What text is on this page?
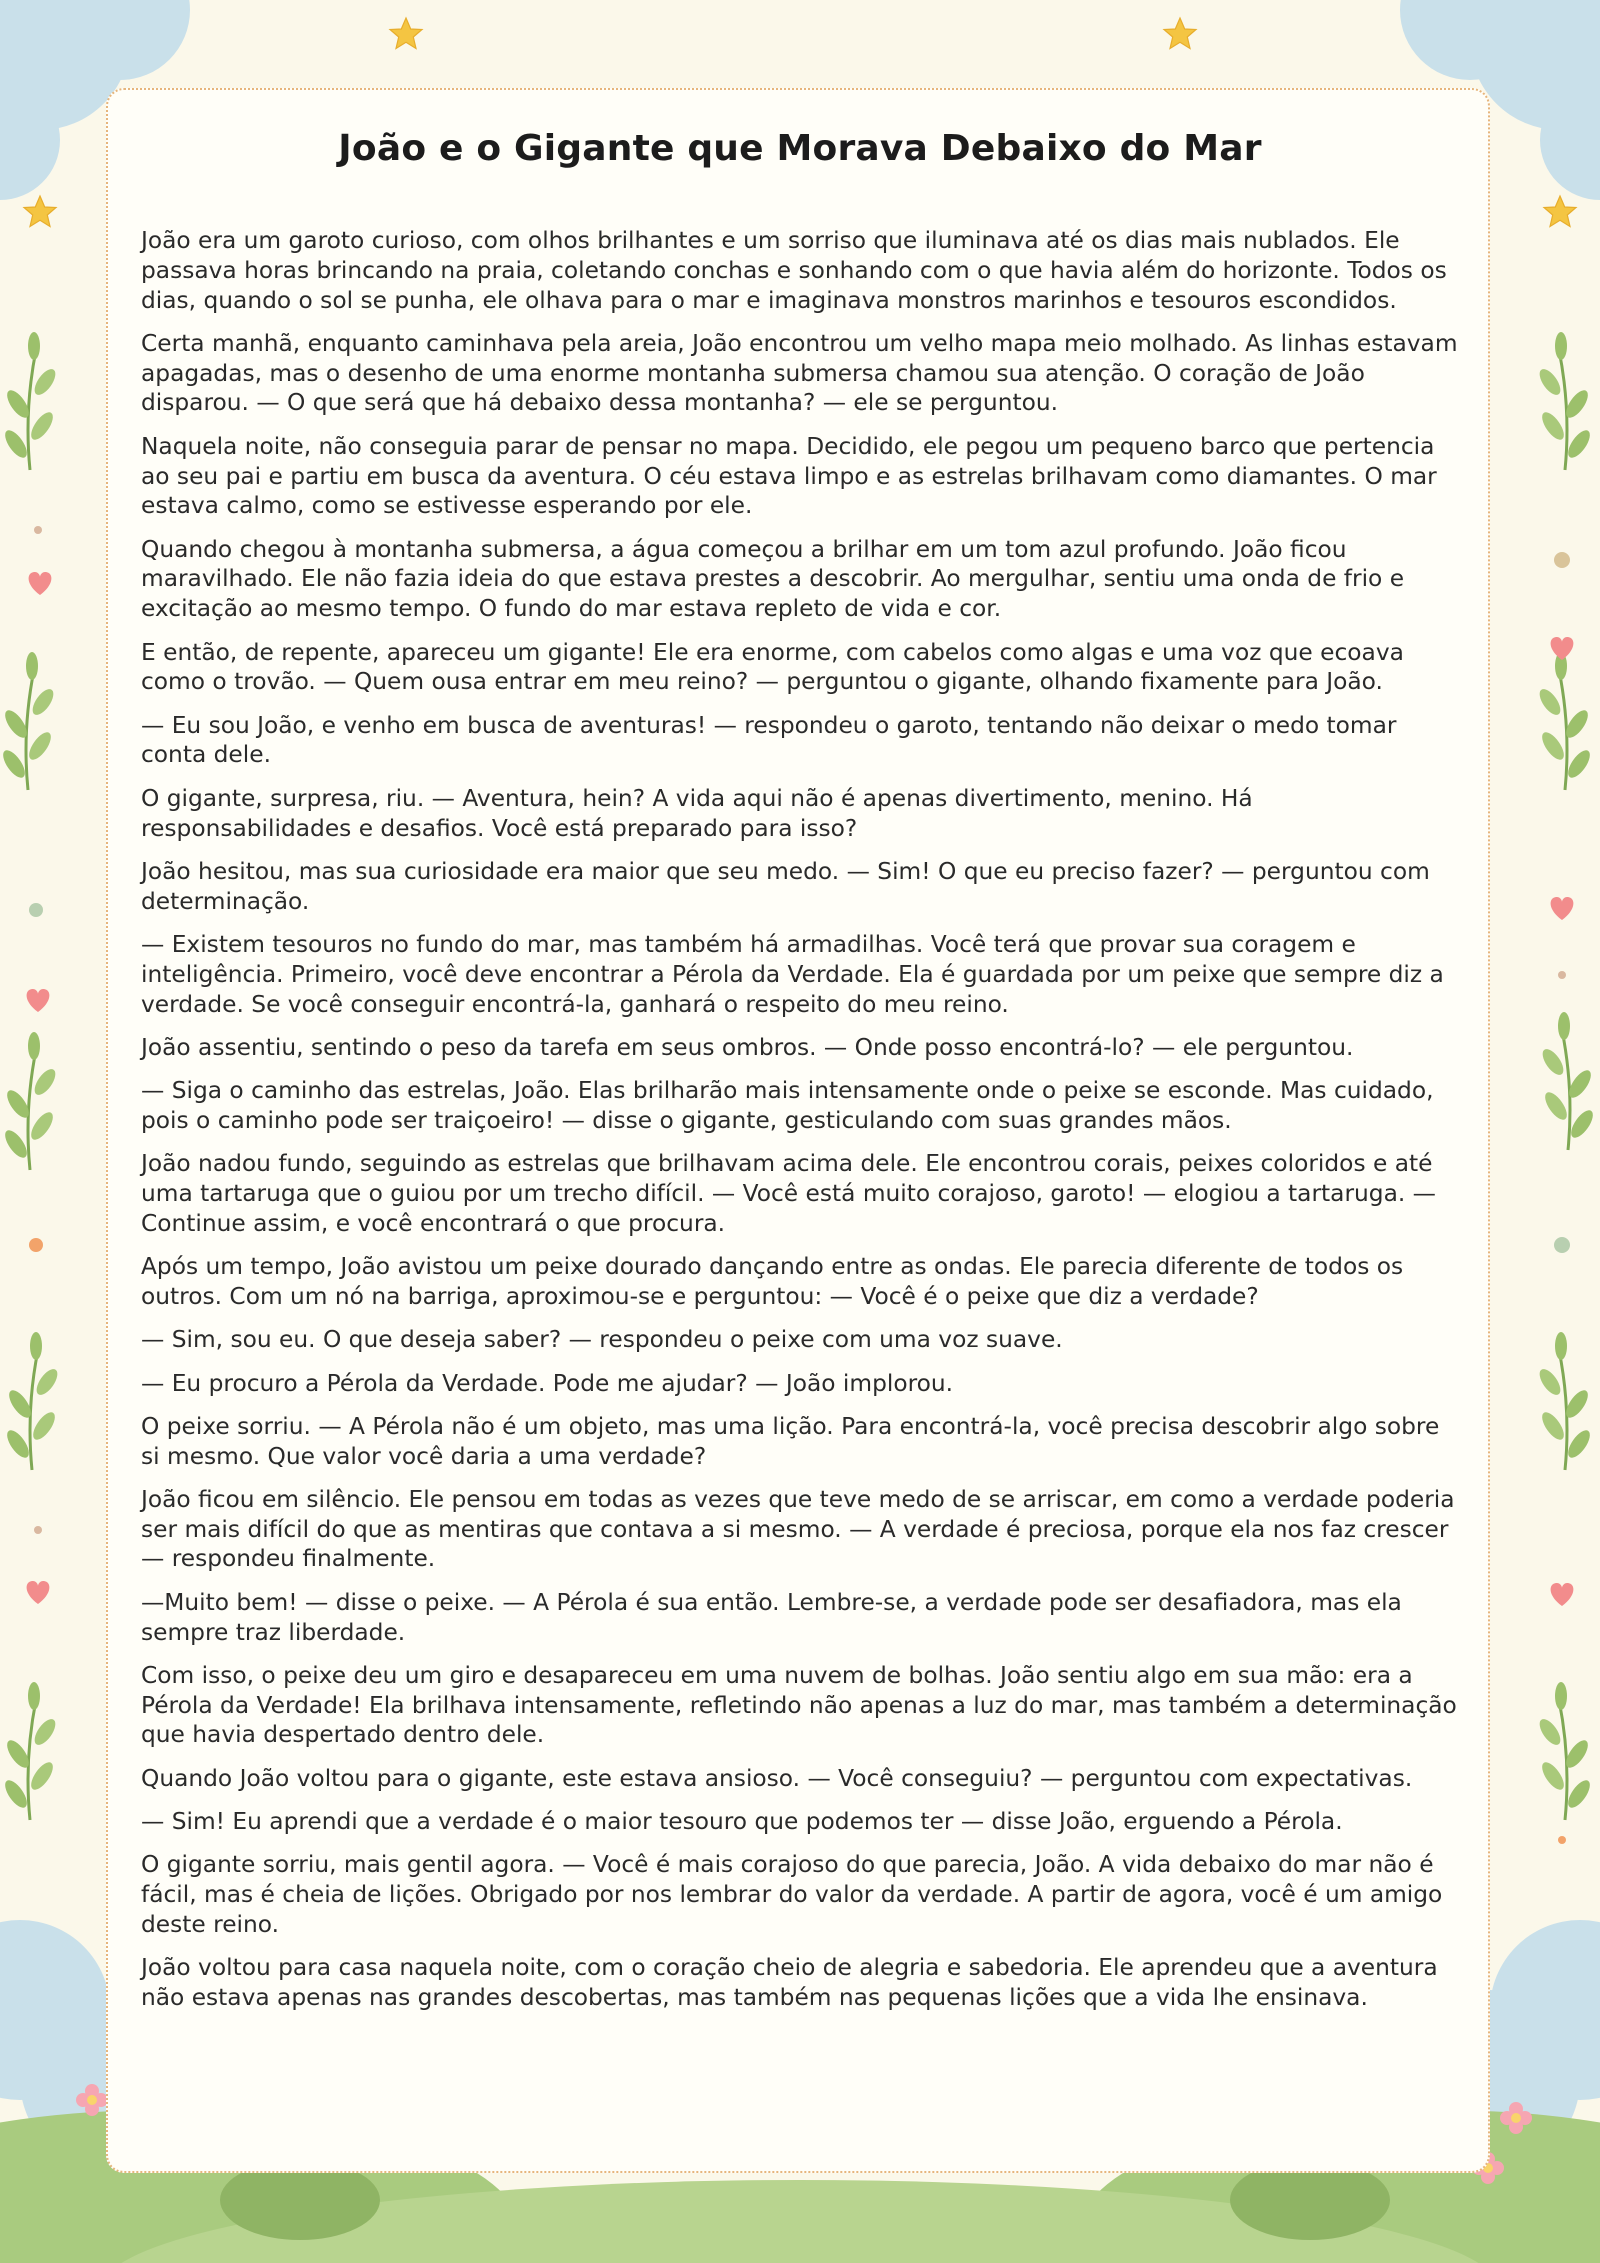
João e o Gigante que Morava Debaixo do Mar

João era um garoto curioso, com olhos brilhantes e um sorriso que iluminava até os dias mais nublados. Ele passava horas brincando na praia, coletando conchas e sonhando com o que havia além do horizonte. Todos os dias, quando o sol se punha, ele olhava para o mar e imaginava monstros marinhos e tesouros escondidos.

Certa manhã, enquanto caminhava pela areia, João encontrou um velho mapa meio molhado. As linhas estavam apagadas, mas o desenho de uma enorme montanha submersa chamou sua atenção. O coração de João disparou. — O que será que há debaixo dessa montanha? — ele se perguntou.

Naquela noite, não conseguia parar de pensar no mapa. Decidido, ele pegou um pequeno barco que pertencia ao seu pai e partiu em busca da aventura. O céu estava limpo e as estrelas brilhavam como diamantes. O mar estava calmo, como se estivesse esperando por ele.

Quando chegou à montanha submersa, a água começou a brilhar em um tom azul profundo. João ficou maravilhado. Ele não fazia ideia do que estava prestes a descobrir. Ao mergulhar, sentiu uma onda de frio e excitação ao mesmo tempo. O fundo do mar estava repleto de vida e cor.

E então, de repente, apareceu um gigante! Ele era enorme, com cabelos como algas e uma voz que ecoava como o trovão. — Quem ousa entrar em meu reino? — perguntou o gigante, olhando fixamente para João.

— Eu sou João, e venho em busca de aventuras! — respondeu o garoto, tentando não deixar o medo tomar conta dele.

O gigante, surpresa, riu. — Aventura, hein? A vida aqui não é apenas divertimento, menino. Há responsabilidades e desafios. Você está preparado para isso?

João hesitou, mas sua curiosidade era maior que seu medo. — Sim! O que eu preciso fazer? — perguntou com determinação.

— Existem tesouros no fundo do mar, mas também há armadilhas. Você terá que provar sua coragem e inteligência. Primeiro, você deve encontrar a Pérola da Verdade. Ela é guardada por um peixe que sempre diz a verdade. Se você conseguir encontrá-la, ganhará o respeito do meu reino.

João assentiu, sentindo o peso da tarefa em seus ombros. — Onde posso encontrá-lo? — ele perguntou.

— Siga o caminho das estrelas, João. Elas brilharão mais intensamente onde o peixe se esconde. Mas cuidado, pois o caminho pode ser traiçoeiro! — disse o gigante, gesticulando com suas grandes mãos.

João nadou fundo, seguindo as estrelas que brilhavam acima dele. Ele encontrou corais, peixes coloridos e até uma tartaruga que o guiou por um trecho difícil. — Você está muito corajoso, garoto! — elogiou a tartaruga. — Continue assim, e você encontrará o que procura.

Após um tempo, João avistou um peixe dourado dançando entre as ondas. Ele parecia diferente de todos os outros. Com um nó na barriga, aproximou-se e perguntou: — Você é o peixe que diz a verdade?

— Sim, sou eu. O que deseja saber? — respondeu o peixe com uma voz suave.

— Eu procuro a Pérola da Verdade. Pode me ajudar? — João implorou.

O peixe sorriu. — A Pérola não é um objeto, mas uma lição. Para encontrá-la, você precisa descobrir algo sobre si mesmo. Que valor você daria a uma verdade?

João ficou em silêncio. Ele pensou em todas as vezes que teve medo de se arriscar, em como a verdade poderia ser mais difícil do que as mentiras que contava a si mesmo. — A verdade é preciosa, porque ela nos faz crescer — respondeu finalmente.

—Muito bem! — disse o peixe. — A Pérola é sua então. Lembre-se, a verdade pode ser desafiadora, mas ela sempre traz liberdade.

Com isso, o peixe deu um giro e desapareceu em uma nuvem de bolhas. João sentiu algo em sua mão: era a Pérola da Verdade! Ela brilhava intensamente, refletindo não apenas a luz do mar, mas também a determinação que havia despertado dentro dele.

Quando João voltou para o gigante, este estava ansioso. — Você conseguiu? — perguntou com expectativas.

— Sim! Eu aprendi que a verdade é o maior tesouro que podemos ter — disse João, erguendo a Pérola.

O gigante sorriu, mais gentil agora. — Você é mais corajoso do que parecia, João. A vida debaixo do mar não é fácil, mas é cheia de lições. Obrigado por nos lembrar do valor da verdade. A partir de agora, você é um amigo deste reino.

João voltou para casa naquela noite, com o coração cheio de alegria e sabedoria. Ele aprendeu que a aventura não estava apenas nas grandes descobertas, mas também nas pequenas lições que a vida lhe ensinava.
